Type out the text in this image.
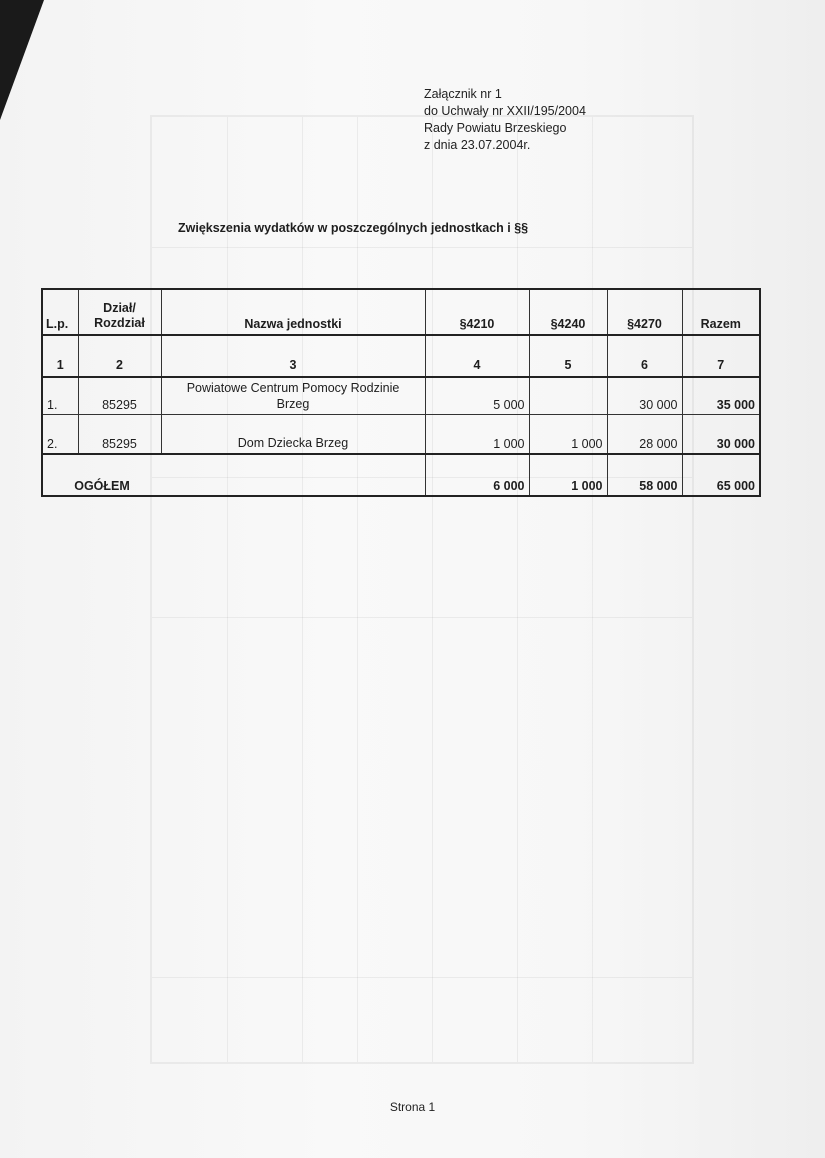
Załącznik nr 1
do Uchwały nr XXII/195/2004
Rady Powiatu Brzeskiego
z dnia 23.07.2004r.
Zwiększenia wydatków w poszczególnych jednostkach i §§
L.p.	Dział/
Rozdział	Nazwa jednostki	§4210	§4240	§4270	Razem
1	2	3	4	5	6	7
1.	85295	Powiatowe Centrum Pomocy Rodzinie
Brzeg	5 000		30 000	35 000
2.	85295	Dom Dziecka Brzeg	1 000	1 000	28 000	30 000
OGÓŁEM			6 000	1 000	58 000	65 000
Strona 1
